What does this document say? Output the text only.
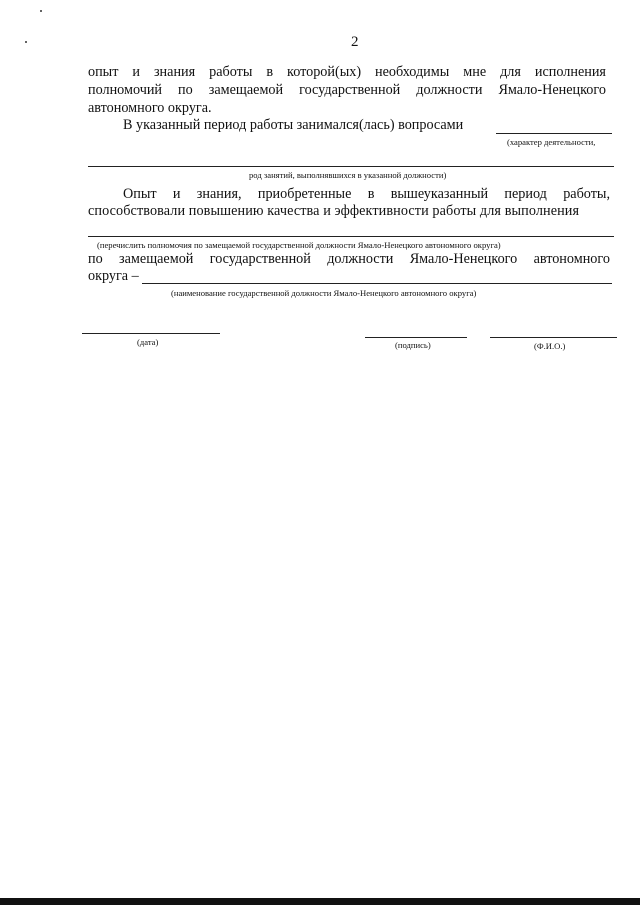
2
опыт и знания работы в которой(ых) необходимы мне для исполнения
полномочий по замещаемой государственной должности Ямало-Ненецкого
автономного округа.
В указанный период работы занимался(лась) вопросами
(характер деятельности,
род занятий, выполнявшихся в указанной должности)
Опыт и знания, приобретенные в вышеуказанный период работы,
способствовали повышению качества и эффективности работы для выполнения
(перечислить полномочия по замещаемой государственной должности Ямало-Ненецкого автономного округа)
по замещаемой государственной должности Ямало-Ненецкого автономного
округа –
(наименование государственной должности Ямало-Ненецкого автономного округа)
(дата)	(подпись)	(Ф.И.О.)
